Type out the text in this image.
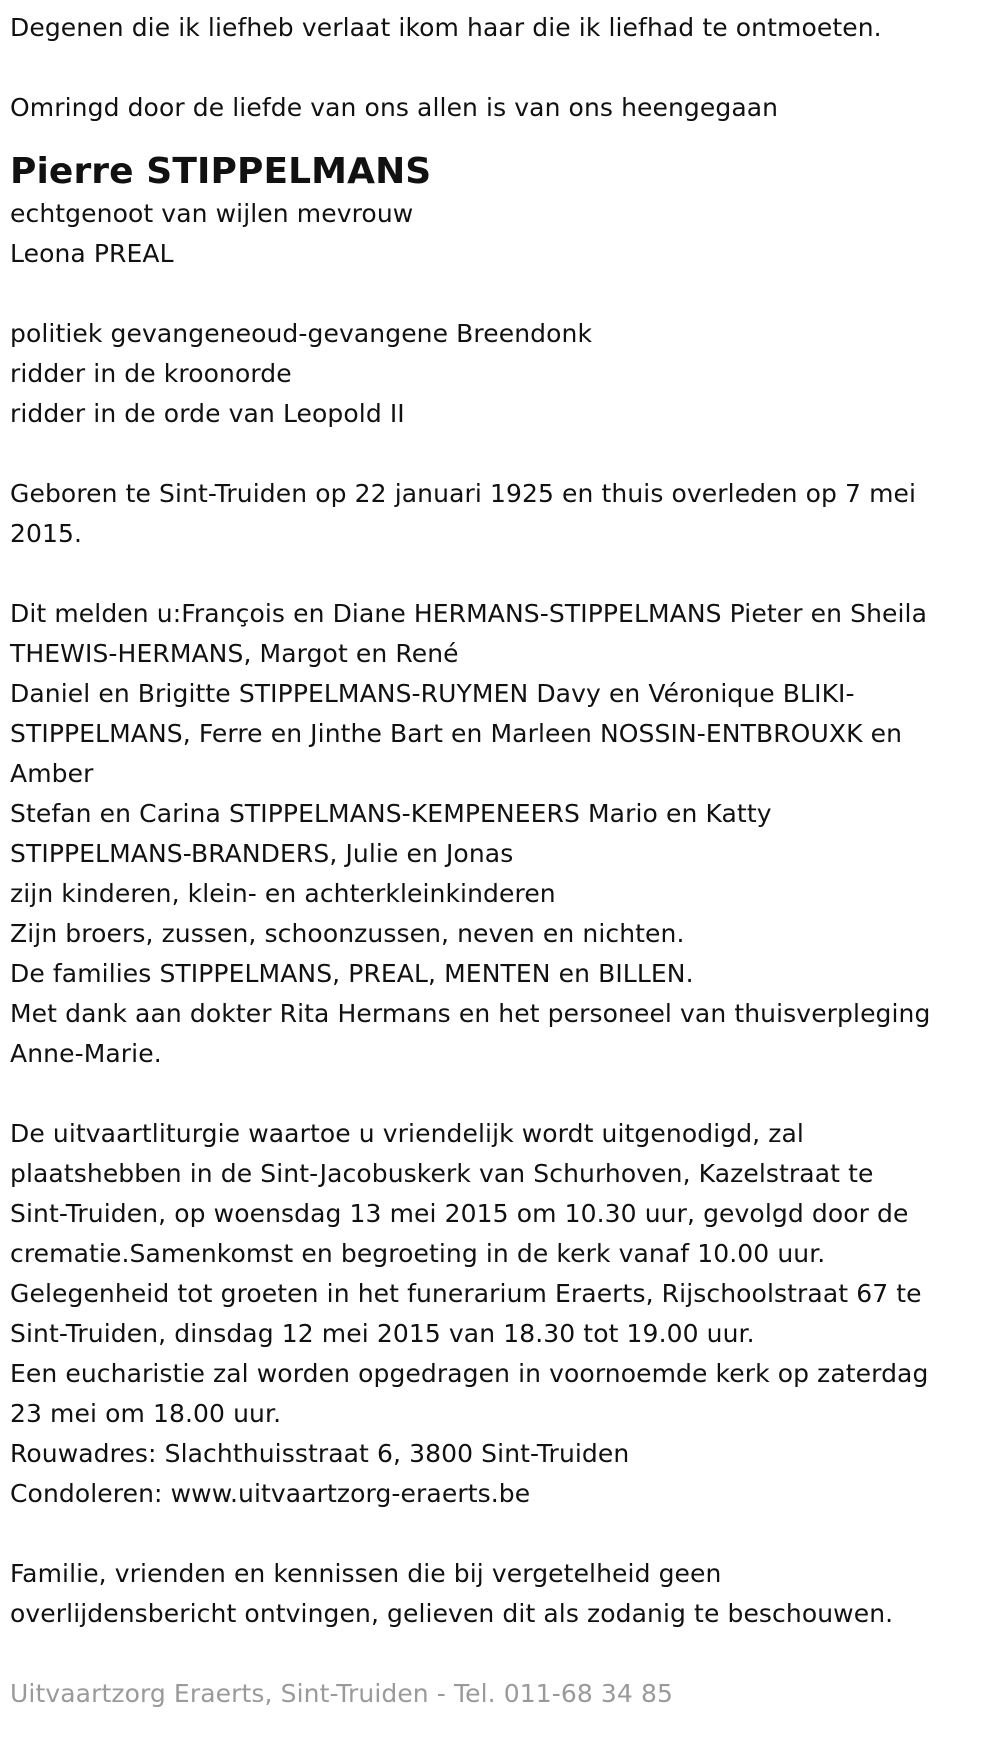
Degenen die ik liefheb verlaat ikom haar die ik liefhad te ontmoeten.
Omringd door de liefde van ons allen is van ons heengegaan
Pierre STIPPELMANS
echtgenoot van wijlen mevrouw
Leona PREAL
politiek gevangeneoud-gevangene Breendonk
ridder in de kroonorde
ridder in de orde van Leopold II
Geboren te Sint-Truiden op 22 januari 1925 en thuis overleden op 7 mei
2015.
Dit melden u:François en Diane HERMANS-STIPPELMANS Pieter en Sheila
THEWIS-HERMANS, Margot en René
Daniel en Brigitte STIPPELMANS-RUYMEN Davy en Véronique BLIKI-
STIPPELMANS, Ferre en Jinthe Bart en Marleen NOSSIN-ENTBROUXK en
Amber
Stefan en Carina STIPPELMANS-KEMPENEERS Mario en Katty
STIPPELMANS-BRANDERS, Julie en Jonas
zijn kinderen, klein- en achterkleinkinderen
Zijn broers, zussen, schoonzussen, neven en nichten.
De families STIPPELMANS, PREAL, MENTEN en BILLEN.
Met dank aan dokter Rita Hermans en het personeel van thuisverpleging
Anne-Marie.
De uitvaartliturgie waartoe u vriendelijk wordt uitgenodigd, zal
plaatshebben in de Sint-Jacobuskerk van Schurhoven, Kazelstraat te
Sint-Truiden, op woensdag 13 mei 2015 om 10.30 uur, gevolgd door de
crematie.Samenkomst en begroeting in de kerk vanaf 10.00 uur.
Gelegenheid tot groeten in het funerarium Eraerts, Rijschoolstraat 67 te
Sint-Truiden, dinsdag 12 mei 2015 van 18.30 tot 19.00 uur.
Een eucharistie zal worden opgedragen in voornoemde kerk op zaterdag
23 mei om 18.00 uur.
Rouwadres: Slachthuisstraat 6, 3800 Sint-Truiden
Condoleren: www.uitvaartzorg-eraerts.be
Familie, vrienden en kennissen die bij vergetelheid geen
overlijdensbericht ontvingen, gelieven dit als zodanig te beschouwen.
Uitvaartzorg Eraerts, Sint-Truiden - Tel. 011-68 34 85
